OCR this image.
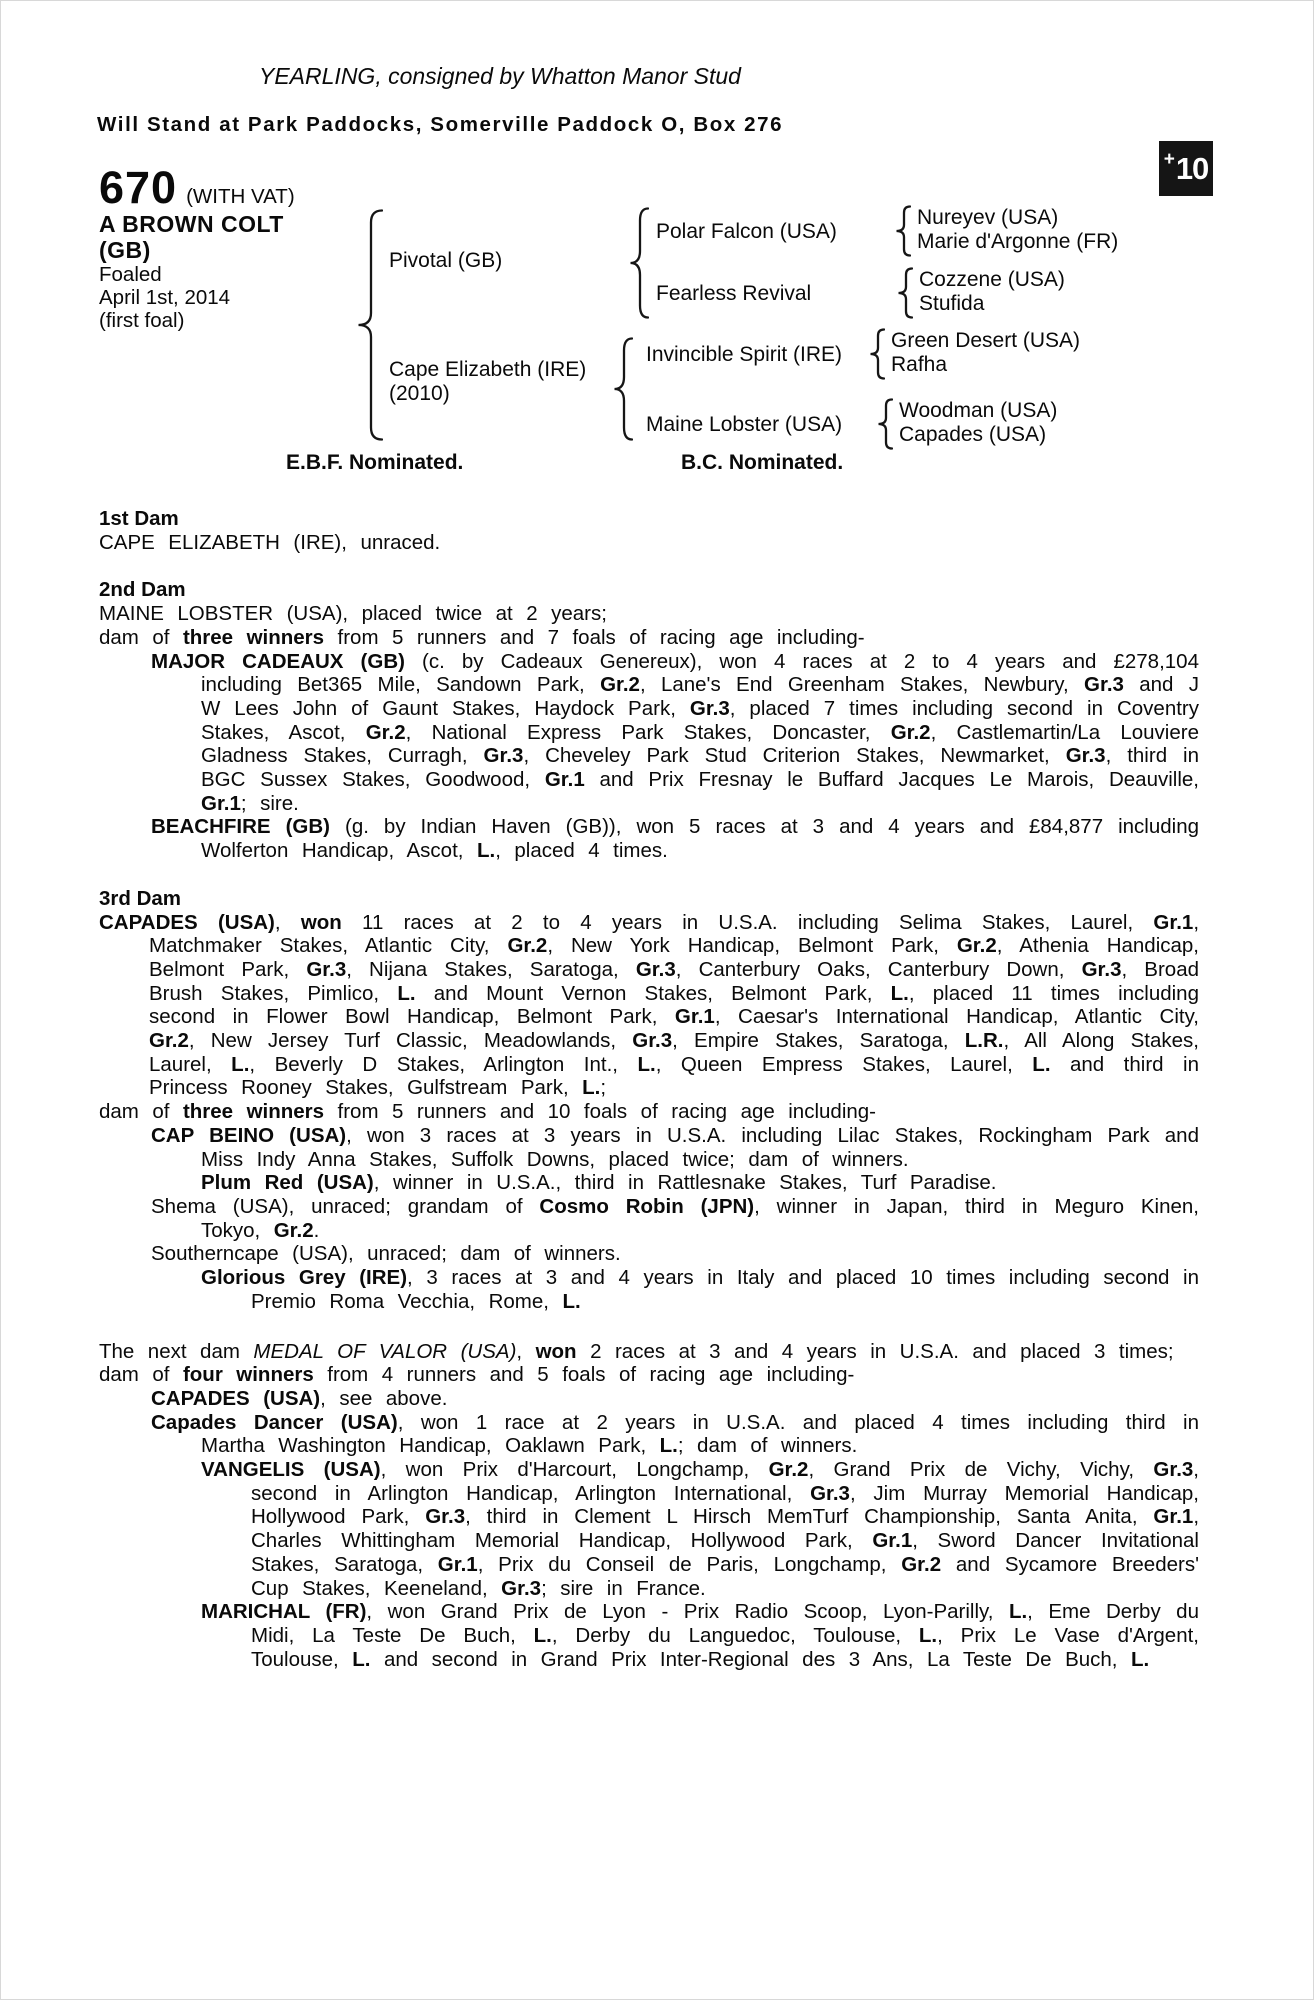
YEARLING, consigned by Whatton Manor Stud
Will Stand at Park Paddocks, Somerville Paddock O, Box 276
+ 10
670 (WITH VAT)
A BROWN COLT
(GB)
Foaled
April 1st, 2014
(first foal)
Pivotal (GB)
Cape Elizabeth (IRE)
(2010)
Polar Falcon (USA)
Fearless Revival
Invincible Spirit (IRE)
Maine Lobster (USA)
Nureyev (USA)
Marie d'Argonne (FR)
Cozzene (USA)
Stufida
Green Desert (USA)
Rafha
Woodman (USA)
Capades (USA)
E.B.F. Nominated.	B.C. Nominated.
1st Dam
CAPE ELIZABETH (IRE), unraced.
2nd Dam
MAINE LOBSTER (USA), placed twice at 2 years;
dam of three winners from 5 runners and 7 foals of racing age including-
MAJOR CADEAUX (GB) (c. by Cadeaux Genereux), won 4 races at 2 to 4 years and £278,104 including Bet365 Mile, Sandown Park, Gr.2, Lane's End Greenham Stakes, Newbury, Gr.3 and J W Lees John of Gaunt Stakes, Haydock Park, Gr.3, placed 7 times including second in Coventry Stakes, Ascot, Gr.2, National Express Park Stakes, Doncaster, Gr.2, Castlemartin/La Louviere Gladness Stakes, Curragh, Gr.3, Cheveley Park Stud Criterion Stakes, Newmarket, Gr.3, third in BGC Sussex Stakes, Goodwood, Gr.1 and Prix Fresnay le Buffard Jacques Le Marois, Deauville, Gr.1; sire.
BEACHFIRE (GB) (g. by Indian Haven (GB)), won 5 races at 3 and 4 years and £84,877 including Wolferton Handicap, Ascot, L., placed 4 times.
3rd Dam
CAPADES (USA), won 11 races at 2 to 4 years in U.S.A. including Selima Stakes, Laurel, Gr.1, Matchmaker Stakes, Atlantic City, Gr.2, New York Handicap, Belmont Park, Gr.2, Athenia Handicap, Belmont Park, Gr.3, Nijana Stakes, Saratoga, Gr.3, Canterbury Oaks, Canterbury Down, Gr.3, Broad Brush Stakes, Pimlico, L. and Mount Vernon Stakes, Belmont Park, L., placed 11 times including second in Flower Bowl Handicap, Belmont Park, Gr.1, Caesar's International Handicap, Atlantic City, Gr.2, New Jersey Turf Classic, Meadowlands, Gr.3, Empire Stakes, Saratoga, L.R., All Along Stakes, Laurel, L., Beverly D Stakes, Arlington Int., L., Queen Empress Stakes, Laurel, L. and third in Princess Rooney Stakes, Gulfstream Park, L.;
dam of three winners from 5 runners and 10 foals of racing age including-
CAP BEINO (USA), won 3 races at 3 years in U.S.A. including Lilac Stakes, Rockingham Park and Miss Indy Anna Stakes, Suffolk Downs, placed twice; dam of winners.
Plum Red (USA), winner in U.S.A., third in Rattlesnake Stakes, Turf Paradise.
Shema (USA), unraced; grandam of Cosmo Robin (JPN), winner in Japan, third in Meguro Kinen, Tokyo, Gr.2.
Southerncape (USA), unraced; dam of winners.
Glorious Grey (IRE), 3 races at 3 and 4 years in Italy and placed 10 times including second in Premio Roma Vecchia, Rome, L.
The next dam MEDAL OF VALOR (USA), won 2 races at 3 and 4 years in U.S.A. and placed 3 times;
dam of four winners from 4 runners and 5 foals of racing age including-
CAPADES (USA), see above.
Capades Dancer (USA), won 1 race at 2 years in U.S.A. and placed 4 times including third in Martha Washington Handicap, Oaklawn Park, L.; dam of winners.
VANGELIS (USA), won Prix d'Harcourt, Longchamp, Gr.2, Grand Prix de Vichy, Vichy, Gr.3, second in Arlington Handicap, Arlington International, Gr.3, Jim Murray Memorial Handicap, Hollywood Park, Gr.3, third in Clement L Hirsch MemTurf Championship, Santa Anita, Gr.1, Charles Whittingham Memorial Handicap, Hollywood Park, Gr.1, Sword Dancer Invitational Stakes, Saratoga, Gr.1, Prix du Conseil de Paris, Longchamp, Gr.2 and Sycamore Breeders' Cup Stakes, Keeneland, Gr.3; sire in France.
MARICHAL (FR), won Grand Prix de Lyon - Prix Radio Scoop, Lyon-Parilly, L., Eme Derby du Midi, La Teste De Buch, L., Derby du Languedoc, Toulouse, L., Prix Le Vase d'Argent, Toulouse, L. and second in Grand Prix Inter-Regional des 3 Ans, La Teste De Buch, L.
